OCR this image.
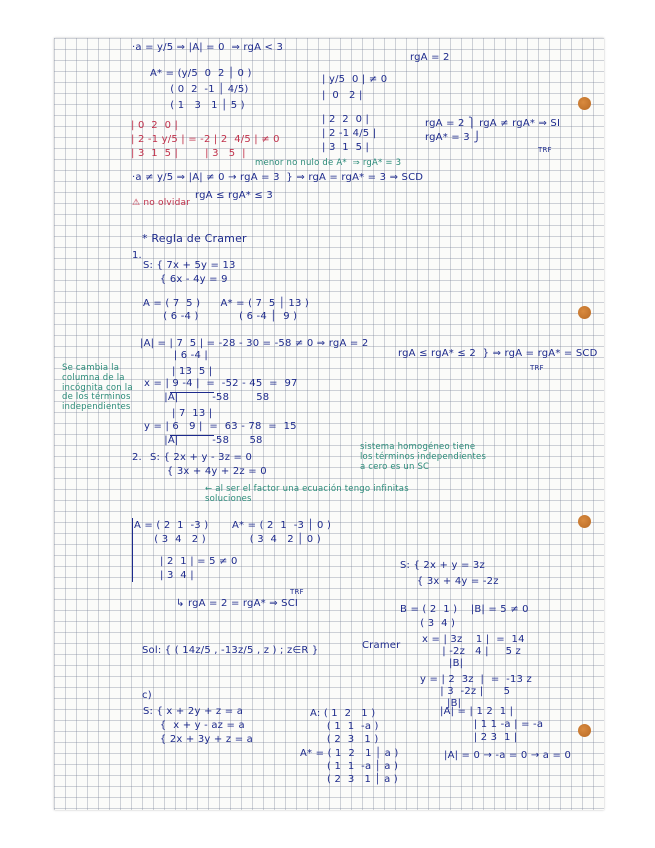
·a = y/5 ⇒ |A| = 0  ⇒ rgA < 3
A* = (y/5  0  2 │ 0 )
( 0  2  -1 │ 4/5)
( 1   3   1 │ 5 )
| y/5  0 | ≠ 0
|  0   2 |
rgA = 2
| 0  2  0 |
| 2 -1 y/5 | = -2 | 2  4/5 | ≠ 0
| 3  1  5 |        | 3   5  |
| 2  2  0 |
| 2 -1 4/5 |
| 3  1  5 |
rgA = 2 ⎫ rgA ≠ rgA* ⇒ SI
rgA* = 3 ⎭
TRF
menor no nulo de A*  ⇒ rgA* = 3
·a ≠ y/5 ⇒ |A| ≠ 0 → rgA = 3  } ⇒ rgA = rgA* = 3 ⇒ SCD
rgA ≤ rgA* ≤ 3
⚠ no olvidar
* Regla de Cramer
1.
S: { 7x + 5y = 13
{ 6x - 4y = 9
A = ( 7  5 )      A* = ( 7  5 │ 13 )
( 6 -4 )            ( 6 -4 │  9 )
|A| = | 7  5 | = -28 - 30 = -58 ≠ 0 ⇒ rgA = 2
| 6 -4 |	rgA ≤ rgA* ≤ 2  } ⇒ rgA = rgA* = SCD
TRF
| 13  5 |
x = | 9 -4 |  =  -52 - 45  =  97
|A|          -58        58
| 7  13 |
y = | 6   9 |  =  63 - 78  =  15
|A|          -58      58
Se cambia la columna de la incógnita con la de los términos independientes
2. S: { 2x + y - 3z = 0
{ 3x + 4y + 2z = 0
sistema homogéneo tiene los términos independientes a cero es un SC
← al ser el factor una ecuación tengo infinitas soluciones
A = ( 2  1  -3 )       A* = ( 2  1  -3 │ 0 )
( 3  4   2 )             ( 3  4   2 │ 0 )
| 2  1 | = 5 ≠ 0
| 3  4 |
S: { 2x + y = 3z
{ 3x + 4y = -2z
↳ rgA = 2 = rgA* ⇒ SCI
TRF
B = ( 2  1 )    |B| = 5 ≠ 0
( 3  4 )
Sol: { ( 14z/5 , -13z/5 , z ) ; z∈R }	Cramer
x = | 3z    1 |  =  14
| -2z   4 |     5 z
|B|
y = | 2  3z  |  =  -13 z
| 3  -2z |      5
|B|
c)
S: { x + 2y + z = a
{  x + y - az = a
{ 2x + 3y + z = a
A: ( 1  2   1 )
( 1  1  -a )
( 2  3   1 )
|A| = | 1 2  1 |
| 1 1 -a | = -a
| 2 3  1 |
A* = ( 1  2   1 │ a )
( 1  1  -a │ a )
( 2  3   1 │ a )
|A| = 0 → -a = 0 → a = 0
